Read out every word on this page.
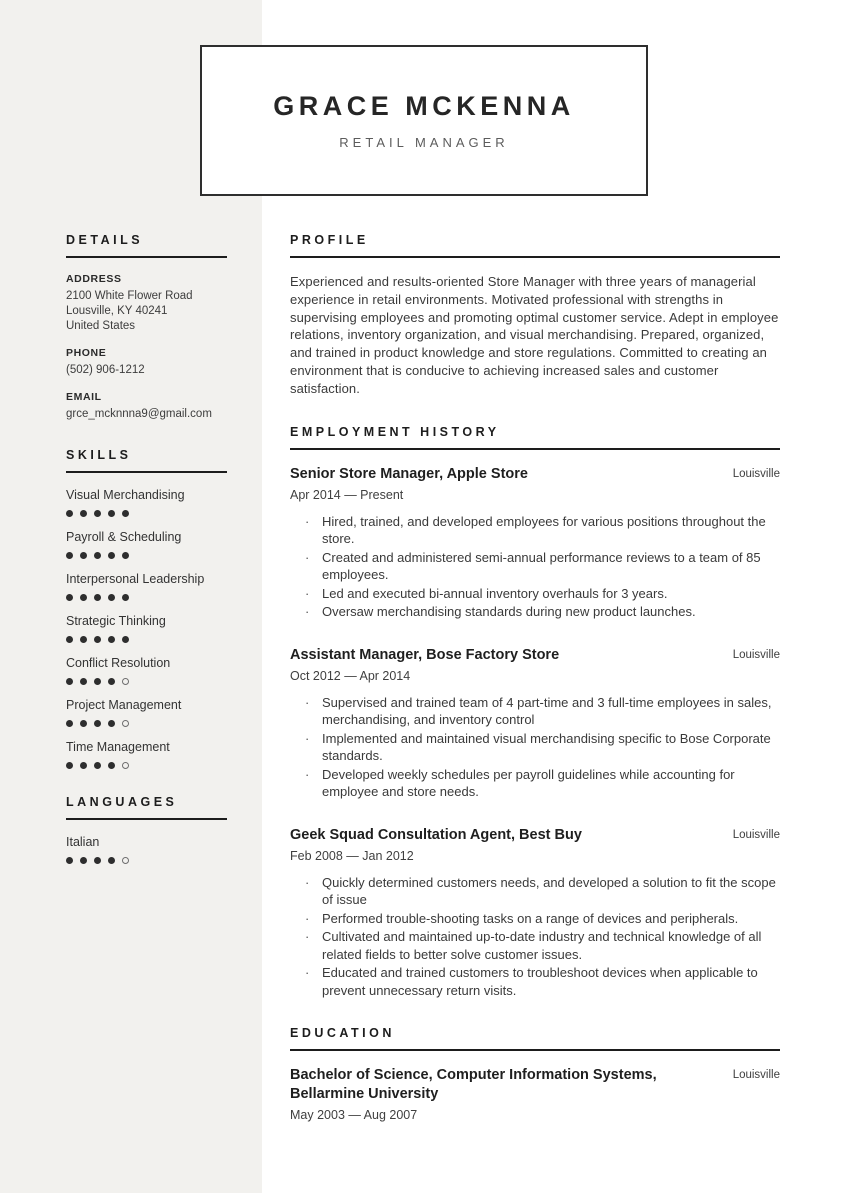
DETAILS
ADDRESS
2100 White Flower Road
Lousville, KY 40241
United States
PHONE
(502) 906-1212
EMAIL
grce_mcknnna9@gmail.com
SKILLS
Visual Merchandising
Payroll & Scheduling
Interpersonal Leadership
Strategic Thinking
Conflict Resolution
Project Management
Time Management
LANGUAGES
Italian
GRACE MCKENNA
RETAIL MANAGER
PROFILE

Experienced and results-oriented Store Manager with three years of managerial experience in retail environments. Motivated professional with strengths in supervising employees and promoting optimal customer service. Adept in employee relations, inventory organization, and visual merchandising. Prepared, organized, and trained in product knowledge and store regulations. Committed to creating an environment that is conducive to achieving increased sales and customer satisfaction.

EMPLOYMENT HISTORY
Senior Store Manager, Apple Store	Louisville
Apr 2014 — Present
· Hired, trained, and developed employees for various positions throughout the store.
· Created and administered semi-annual performance reviews to a team of 85 employees.
· Led and executed bi-annual inventory overhauls for 3 years.
· Oversaw merchandising standards during new product launches.
Assistant Manager, Bose Factory Store	Louisville
Oct 2012 — Apr 2014
· Supervised and trained team of 4 part-time and 3 full-time employees in sales, merchandising, and inventory control
· Implemented and maintained visual merchandising specific to Bose Corporate standards.
· Developed weekly schedules per payroll guidelines while accounting for employee and store needs.
Geek Squad Consultation Agent, Best Buy	Louisville
Feb 2008 — Jan 2012
· Quickly determined customers needs, and developed a solution to fit the scope of issue
· Performed trouble-shooting tasks on a range of devices and peripherals.
· Cultivated and maintained up-to-date industry and technical knowledge of all related fields to better solve customer issues.
· Educated and trained customers to troubleshoot devices when applicable to prevent unnecessary return visits.
EDUCATION
Bachelor of Science, Computer Information Systems, Bellarmine University
Louisville
May 2003 — Aug 2007
